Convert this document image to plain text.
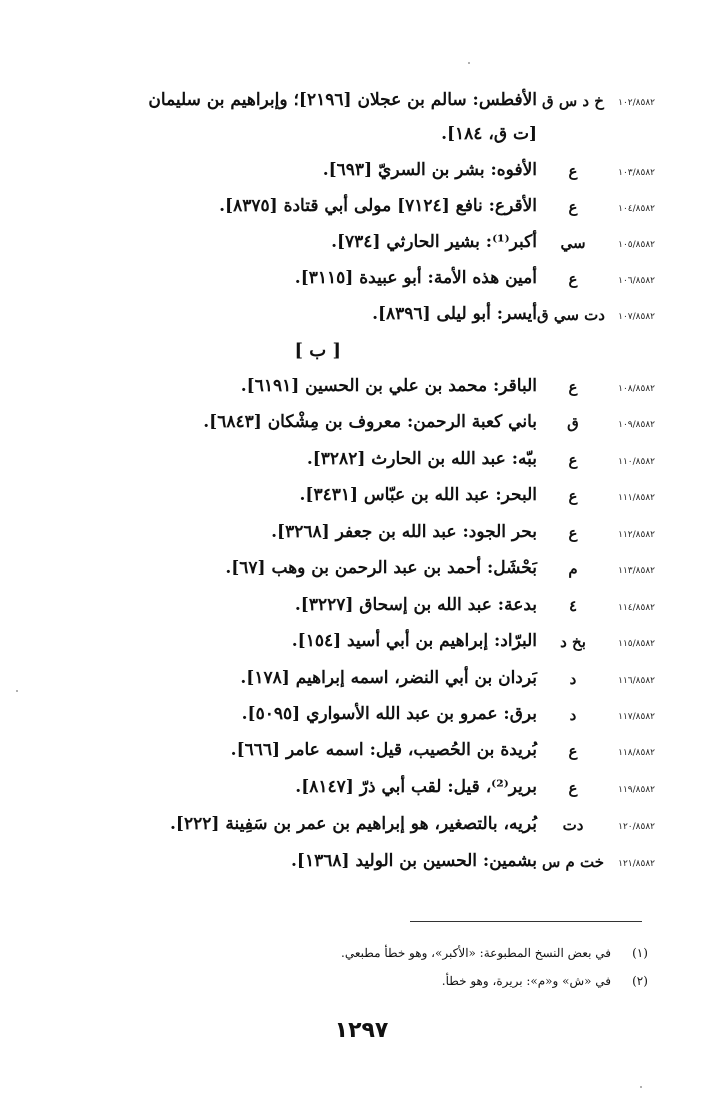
١٠٢/٨٥٨٢
خ د س ق
الأفطس: سالم بن عجلان [٢١٩٦]؛ وإبراهيم بن سليمان
[ت ق، ١٨٤].
١٠٣/٨٥٨٢
ع
الأفوه: بشر بن السريّ [٦٩٣].
١٠٤/٨٥٨٢
ع
الأقرع: نافع [٧١٢٤] مولى أبي قتادة [٨٣٧٥].
١٠٥/٨٥٨٢
سي
أكبر⁽¹⁾: بشير الحارثي [٧٣٤].
١٠٦/٨٥٨٢
ع
أمين هذه الأمة: أبو عبيدة [٣١١٥].
١٠٧/٨٥٨٢
دت سي ق
أيسر: أبو ليلى [٨٣٩٦].
[ ب ]
١٠٨/٨٥٨٢
ع
الباقر: محمد بن علي بن الحسين [٦١٩١].
١٠٩/٨٥٨٢
ق
باني كعبة الرحمن: معروف بن مِشْكان [٦٨٤٣].
١١٠/٨٥٨٢
ع
ببّه: عبد الله بن الحارث [٣٢٨٢].
١١١/٨٥٨٢
ع
البحر: عبد الله بن عبّاس [٣٤٣١].
١١٢/٨٥٨٢
ع
بحر الجود: عبد الله بن جعفر [٣٢٦٨].
١١٣/٨٥٨٢
م
بَحْشَل: أحمد بن عبد الرحمن بن وهب [٦٧].
١١٤/٨٥٨٢
٤
بدعة: عبد الله بن إسحاق [٣٢٢٧].
١١٥/٨٥٨٢
بخ د
البرّاد: إبراهيم بن أبي أسيد [١٥٤].
١١٦/٨٥٨٢
د
بَردان بن أبي النضر، اسمه إبراهيم [١٧٨].
١١٧/٨٥٨٢
د
برق: عمرو بن عبد الله الأسواري [٥٠٩٥].
١١٨/٨٥٨٢
ع
بُريدة بن الحُصيب، قيل: اسمه عامر [٦٦٦].
١١٩/٨٥٨٢
ع
برير⁽²⁾، قيل: لقب أبي ذرّ [٨١٤٧].
١٢٠/٨٥٨٢
دت
بُريه، بالتصغير، هو إبراهيم بن عمر بن سَفِينة [٢٢٢].
١٢١/٨٥٨٢
خت م س
بشمين: الحسين بن الوليد [١٣٦٨].
(١)
في بعض النسخ المطبوعة: «الأكبر»، وهو خطأ مطبعي.
(٢)
في «ش» و«م»: بريرة، وهو خطأ.
١٢٩٧
